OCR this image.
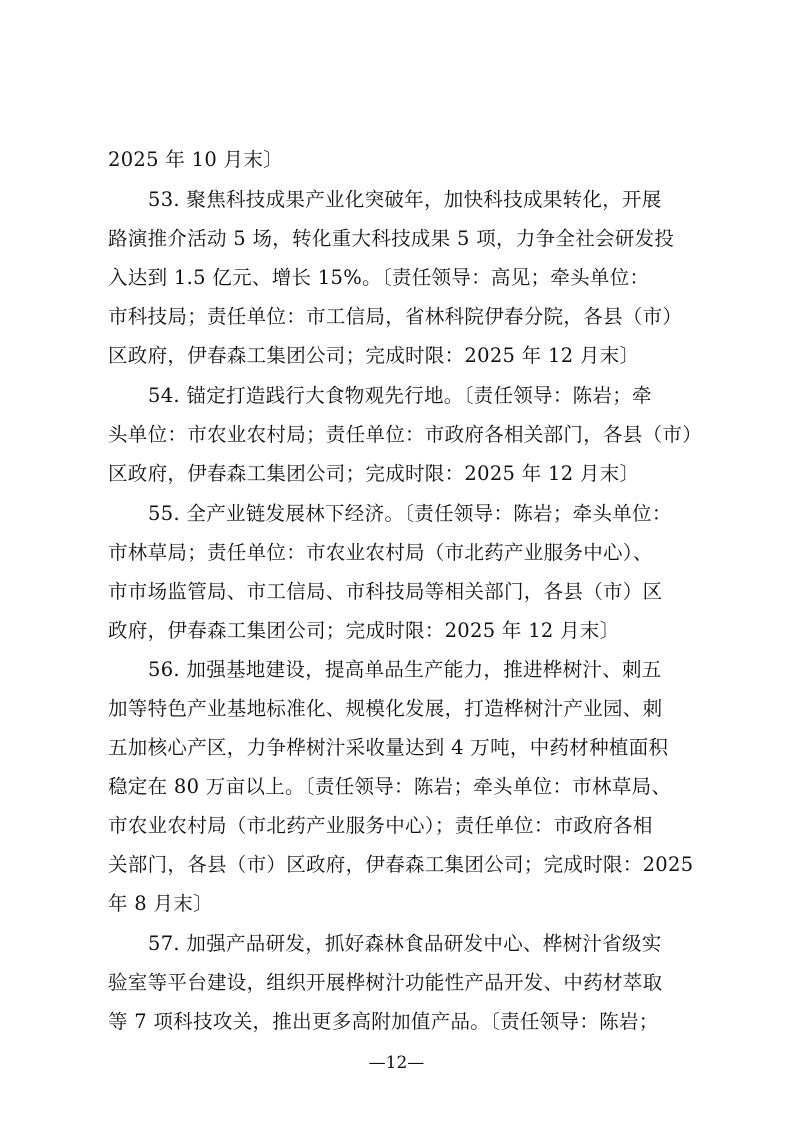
2025 年 10 月末〕
53. 聚焦科技成果产业化突破年，加快科技成果转化，开展
路演推介活动 5 场，转化重大科技成果 5 项，力争全社会研发投
入达到 1.5 亿元、增长 15%。〔责任领导：高见；牵头单位：
市科技局；责任单位：市工信局，省林科院伊春分院，各县（市）
区政府，伊春森工集团公司；完成时限：2025 年 12 月末〕
54. 锚定打造践行大食物观先行地。〔责任领导：陈岩；牵
头单位：市农业农村局；责任单位：市政府各相关部门，各县（市）
区政府，伊春森工集团公司；完成时限：2025 年 12 月末〕
55. 全产业链发展林下经济。〔责任领导：陈岩；牵头单位：
市林草局；责任单位：市农业农村局（市北药产业服务中心）、
市市场监管局、市工信局、市科技局等相关部门，各县（市）区
政府，伊春森工集团公司；完成时限：2025 年 12 月末〕
56. 加强基地建设，提高单品生产能力，推进桦树汁、刺五
加等特色产业基地标准化、规模化发展，打造桦树汁产业园、刺
五加核心产区，力争桦树汁采收量达到 4 万吨，中药材种植面积
稳定在 80 万亩以上。〔责任领导：陈岩；牵头单位：市林草局、
市农业农村局（市北药产业服务中心）；责任单位：市政府各相
关部门，各县（市）区政府，伊春森工集团公司；完成时限：2025
年 8 月末〕
57. 加强产品研发，抓好森林食品研发中心、桦树汁省级实
验室等平台建设，组织开展桦树汁功能性产品开发、中药材萃取
等 7 项科技攻关，推出更多高附加值产品。〔责任领导：陈岩；
—12—
